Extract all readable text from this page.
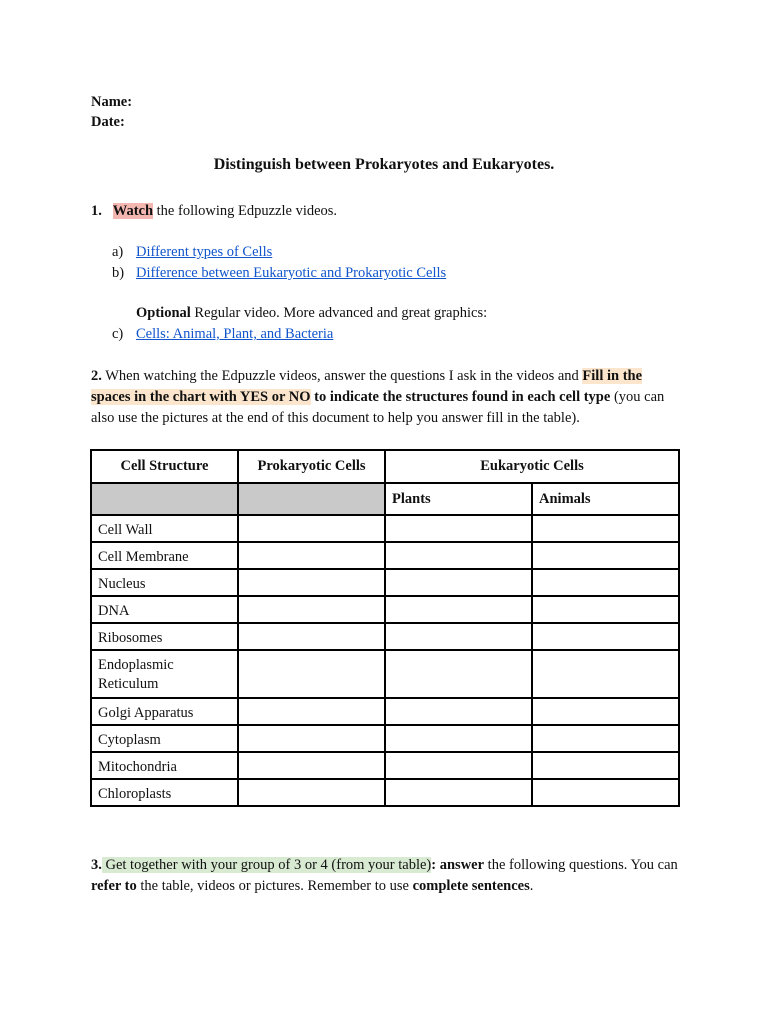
Name:
Date:
Distinguish between Prokaryotes and Eukaryotes.
1. Watch the following Edpuzzle videos.
a) Different types of Cells
b) Difference between Eukaryotic and Prokaryotic Cells
Optional Regular video. More advanced and great graphics:
c) Cells: Animal, Plant, and Bacteria
2. When watching the Edpuzzle videos, answer the questions I ask in the videos and Fill in the spaces in the chart with YES or NO to indicate the structures found in each cell type (you can also use the pictures at the end of this document to help you answer fill in the table).
Cell Structure	Prokaryotic Cells	Eukaryotic Cells	
		Plants	Animals
Cell Wall			
Cell Membrane			
Nucleus			
DNA			
Ribosomes			
Endoplasmic Reticulum			
Golgi Apparatus			
Cytoplasm			
Mitochondria			
Chloroplasts			
3. Get together with your group of 3 or 4 (from your table): answer the following questions. You can refer to the table, videos or pictures. Remember to use complete sentences.
